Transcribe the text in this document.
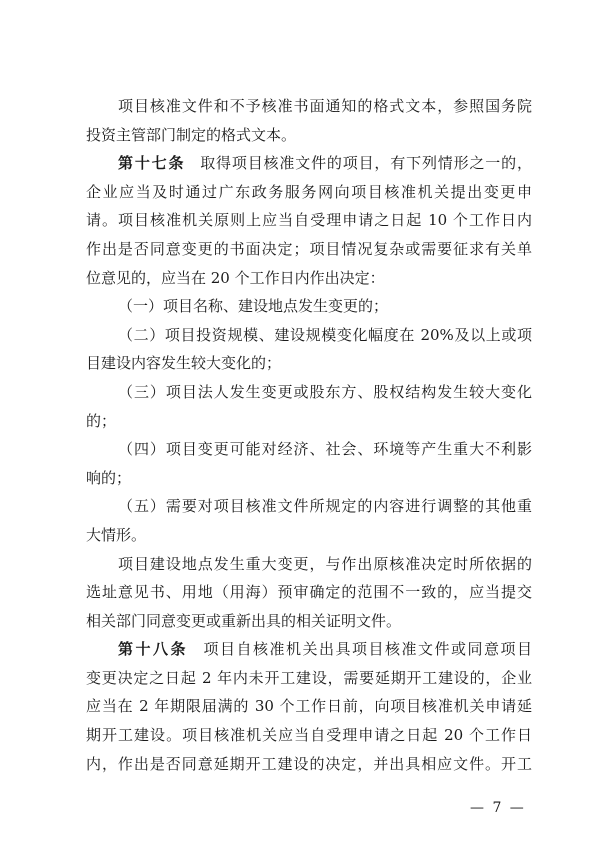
项目核准文件和不予核准书面通知的格式文本，参照国务院
投资主管部门制定的格式文本。
第十七条 取得项目核准文件的项目，有下列情形之一的，
企业应当及时通过广东政务服务网向项目核准机关提出变更申
请。项目核准机关原则上应当自受理申请之日起 10 个工作日内
作出是否同意变更的书面决定；项目情况复杂或需要征求有关单
位意见的，应当在 20 个工作日内作出决定：
（一）项目名称、建设地点发生变更的；
（二）项目投资规模、建设规模变化幅度在 20%及以上或项
目建设内容发生较大变化的；
（三）项目法人发生变更或股东方、股权结构发生较大变化
的；
（四）项目变更可能对经济、社会、环境等产生重大不利影
响的；
（五）需要对项目核准文件所规定的内容进行调整的其他重
大情形。
项目建设地点发生重大变更，与作出原核准决定时所依据的
选址意见书、用地（用海）预审确定的范围不一致的，应当提交
相关部门同意变更或重新出具的相关证明文件。
第十八条 项目自核准机关出具项目核准文件或同意项目
变更决定之日起 2 年内未开工建设，需要延期开工建设的，企业
应当在 2 年期限届满的 30 个工作日前，向项目核准机关申请延
期开工建设。项目核准机关应当自受理申请之日起 20 个工作日
内，作出是否同意延期开工建设的决定，并出具相应文件。开工
— 7 —
